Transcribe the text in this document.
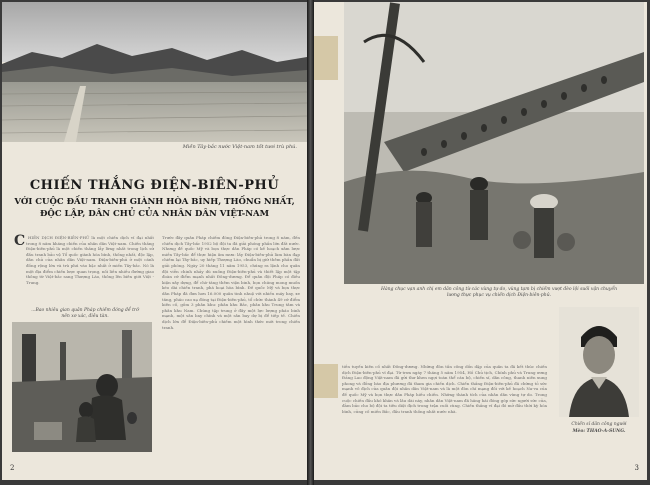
Miền Tây-bắc nước Việt-nam tốt tươi trù phú.
CHIẾN THẮNG ĐIỆN-BIÊN-PHỦ
VỚI CUỘC ĐẤU TRANH GIÀNH HÒA BÌNH, THỐNG NHẤT,
ĐỘC LẬP, DÂN CHỦ CỦA NHÂN DÂN VIỆT-NAM
C HIẾN DỊCH ĐIỆN-BIÊN-PHỦ là một chiến dịch vĩ đại nhất trong 8 năm kháng chiến của nhân dân Việt-nam. Chiến thắng Điện-biên-phủ là một chiến thắng lẫy lừng nhất trong lịch sử đấu tranh bảo vệ Tổ quốc giành hòa bình, thống nhất, độc lập, dân chủ của nhân dân Việt-nam. Điện-biên-phủ ở một cánh đồng rộng lớn và trù phú vào bậc nhất ở miền Tây-bắc. Nó là một địa điểm chiến lược quan trọng, nối liền nhiều đường giao thông từ Việt-bắc sang Thượng Lào, thông lên biên giới Việt - Trung.
...Bao nhiêu gian quân Pháp chiếm đóng để trở nên xơ xác, điêu tàn.
Trước đây quân Pháp chiếm đóng Điện-biên-phủ trong 8 năm, đến chiến dịch Tây-bắc 1952 bộ đội ta đã giải phóng phần lớn đất nước. Nhưng đế quốc Mỹ và bọn thực dân Pháp có kế hoạch xâm lược miền Tây-bắc để thực hiện âm mưu: lấy Điện-biên-phủ làm bàn đạp chiếm lại Tây-bắc, uy hiếp Thượng Lào, chuẩn bị giữ thêm phần đất giải phóng. Ngày 20 tháng 11 năm 1953, chúng ra lệnh cho quân đội viễn chinh nhảy dù xuống Điện-biên-phủ và thiết lập một tập đoàn cứ điểm mạnh nhất Đông-dương. Để quân đội Pháp có điều kiện xây dựng, để chờ tăng thêm viện binh, bọn chúng mong muốn kéo dài chiến tranh, phá hoại hòa bình. Đế quốc Mỹ và bọn thực dân Pháp đã đưa hơn 16.000 quân tinh nhuệ với nhiều máy bay, xe tăng, pháo cao xạ đóng tại Điện-biên-phủ, tổ chức thành 49 cứ điểm kiên cố, gồm 3 phân khu: phân khu Bắc, phân khu Trung tâm và phân khu Nam. Chúng tập trung ở đây một lực lượng pháo binh mạnh, một sân bay chính và một sân bay dự bị để tiếp tế. Chiến dịch lớn để Điện-biên-phủ chiếm một hình thức mới trong chiến tranh.
2
Hàng chục vạn anh chị em dân công từ các vùng tự do, vùng tạm bị chiếm vượt đèo lội suối vận chuyển lương thực phục vụ chiến dịch Điện-biên-phủ.
tiền tuyến kiên cố nhất Đông-dương. Những đòn tấn công dồn dập của quân ta đã kết thúc chiến dịch Điện-biên-phủ vĩ đại. Từ trưa ngày 7 tháng 5 năm 1954, Hồ Chủ tịch, Chính phủ và Trung ương Đảng Lao động Việt-nam đã gửi thư khen ngợi toàn thể cán bộ, chiến sĩ, dân công, thanh niên xung phong và đồng bào địa phương đã tham gia chiến dịch. Chiến thắng Điện-biên-phủ đã chứng tỏ sức mạnh vô địch của quân đội nhân dân Việt-nam và là một đòn chí mạng đối với kế hoạch Na-va của đế quốc Mỹ và bọn thực dân Pháp hiếu chiến. Những thành tích của nhân dân vùng tự do. Trong cuộc chiến đấu khó khăn và lâu dài này, nhân dân Việt-nam đã hăng hái đóng góp sức người sức của, đảm bảo cho bộ đội ta tiêu diệt địch trong trận cuối cùng. Chiến thắng vĩ đại đó mở đầu thời kỳ hòa bình, củng cố miền Bắc, đấu tranh thống nhất nước nhà.
Chiến sĩ dân công người
Mèo: THAO-A-SUNG.
3
